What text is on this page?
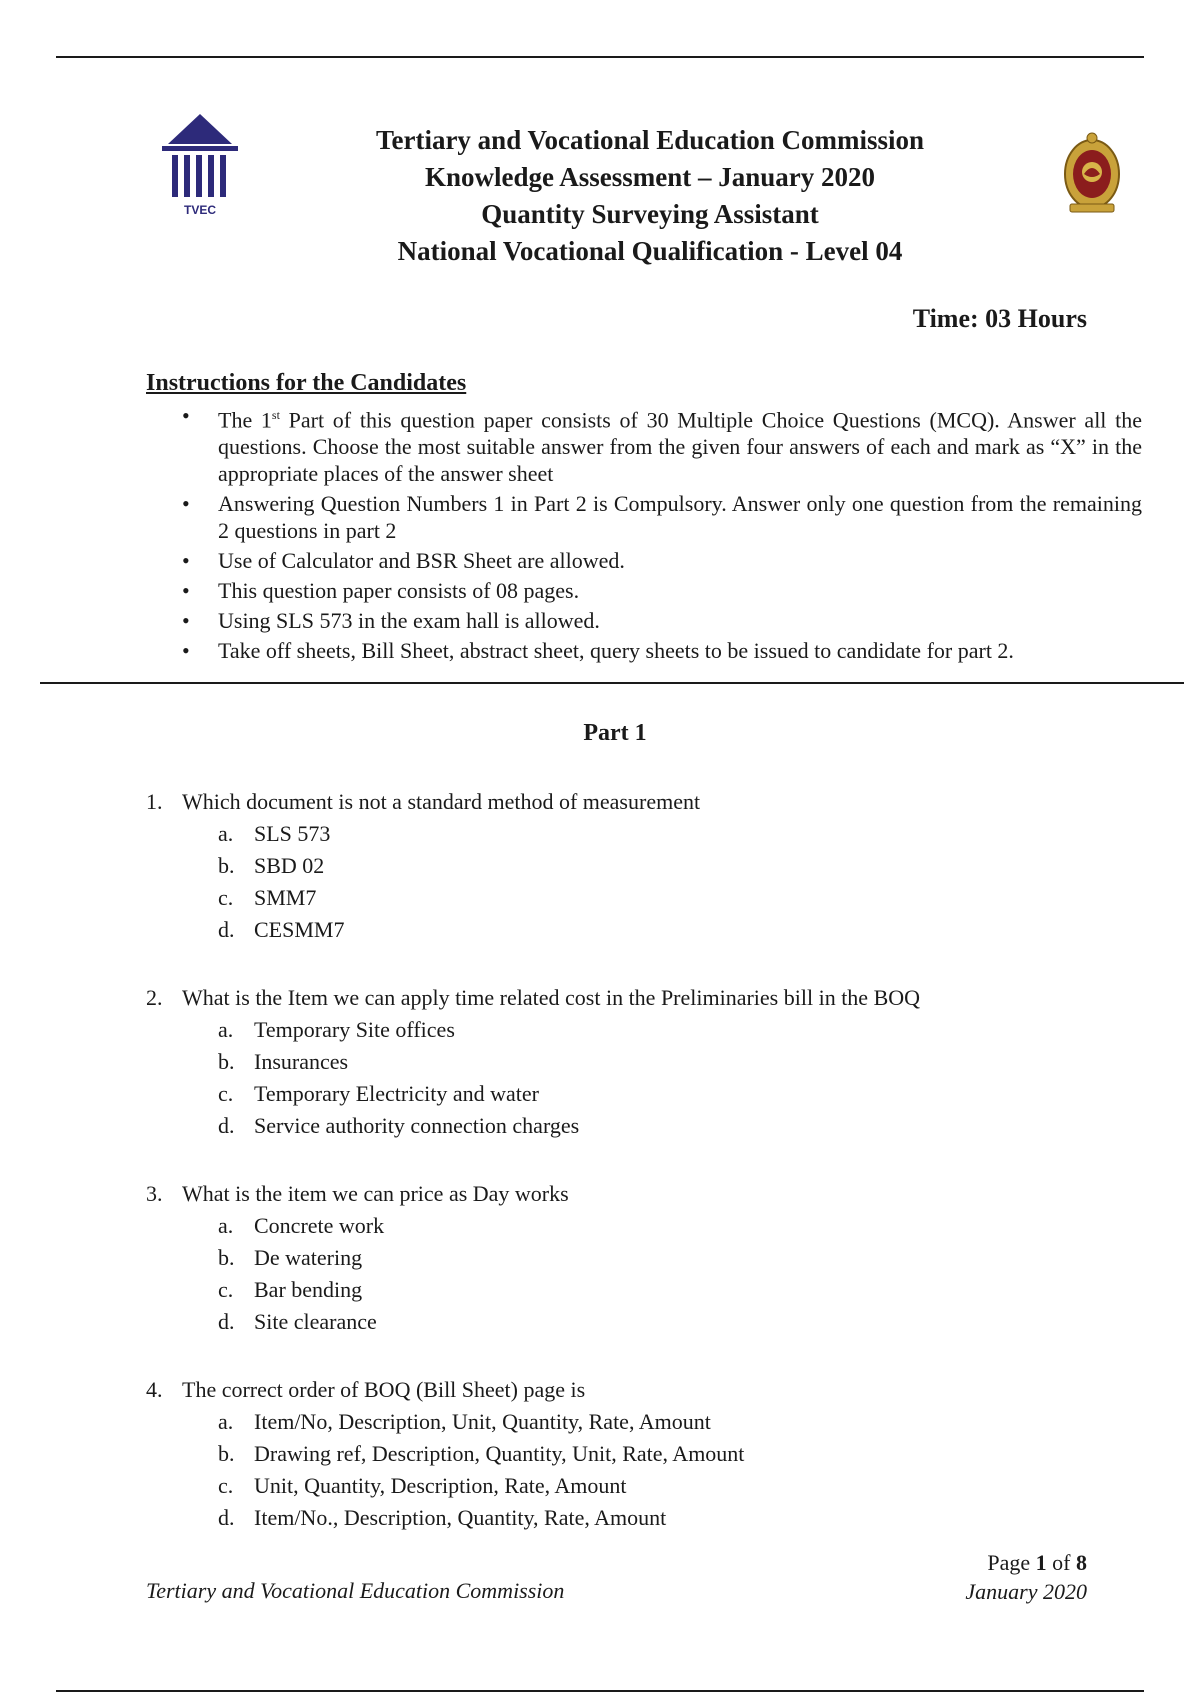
TVEC
Tertiary and Vocational Education Commission
Knowledge Assessment – January 2020
Quantity Surveying Assistant
National Vocational Qualification - Level 04
Time: 03 Hours
Instructions for the Candidates
• The 1st Part of this question paper consists of 30 Multiple Choice Questions (MCQ). Answer all the questions. Choose the most suitable answer from the given four answers of each and mark as “X” in the appropriate places of the answer sheet
• Answering Question Numbers 1 in Part 2 is Compulsory. Answer only one question from the remaining 2 questions in part 2
• Use of Calculator and BSR Sheet are allowed.
• This question paper consists of 08 pages.
• Using SLS 573 in the exam hall is allowed.
• Take off sheets, Bill Sheet, abstract sheet, query sheets to be issued to candidate for part 2.
Part 1
1. Which document is not a standard method of measurement
a. SLS 573
b. SBD 02
c. SMM7
d. CESMM7
2. What is the Item we can apply time related cost in the Preliminaries bill in the BOQ
a. Temporary Site offices
b. Insurances
c. Temporary Electricity and water
d. Service authority connection charges
3. What is the item we can price as Day works
a. Concrete work
b. De watering
c. Bar bending
d. Site clearance
4. The correct order of BOQ (Bill Sheet) page is
a. Item/No, Description, Unit, Quantity, Rate, Amount
b. Drawing ref, Description, Quantity, Unit, Rate, Amount
c. Unit, Quantity, Description, Rate, Amount
d. Item/No., Description, Quantity, Rate, Amount
Page 1 of 8
January 2020
Tertiary and Vocational Education Commission
